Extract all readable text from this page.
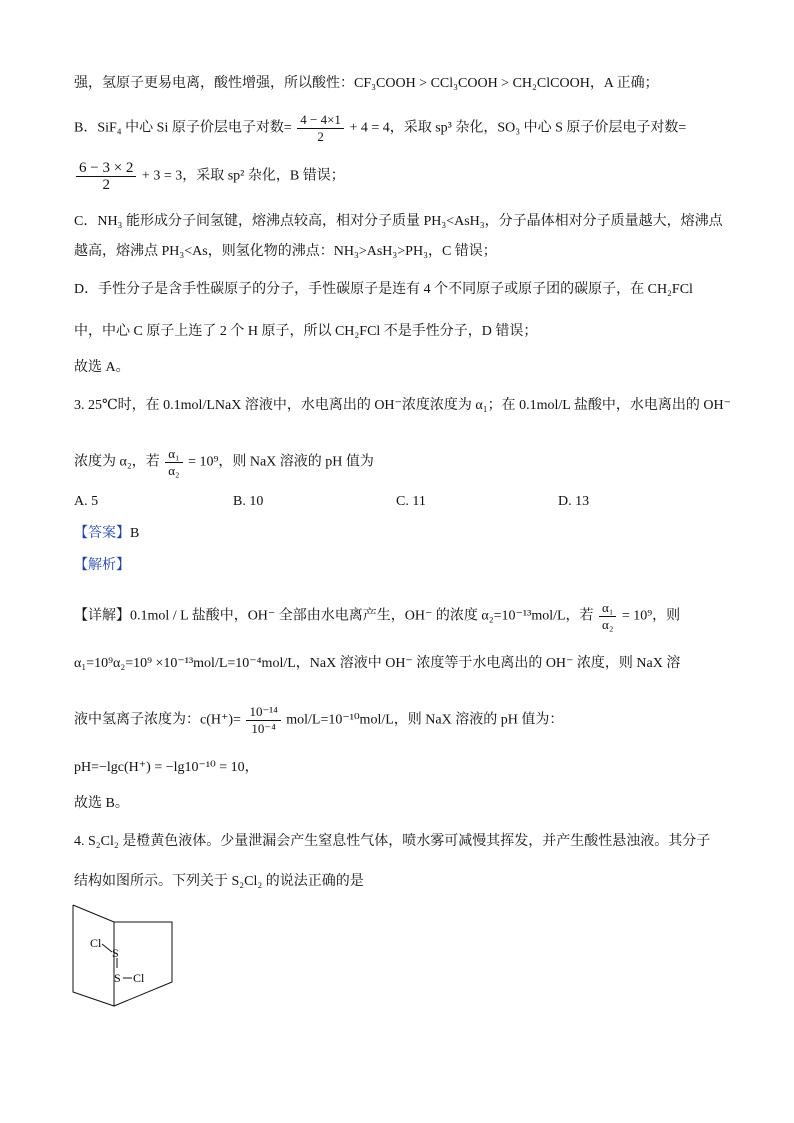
强，氢原子更易电离，酸性增强，所以酸性：CF₃COOH > CCl₃COOH > CH₂ClCOOH，A 正确；
B．SiF₄ 中心 Si 原子价层电子对数= $\frac{4 - 4\times 1}{2} + 4 = 4$，采取 sp³ 杂化，SO₃ 中心 S 原子价层电子对数=
$\frac{6 - 3 \times 2}{2} + 3 = 3$，采取 sp² 杂化，B 错误；
C．NH₃ 能形成分子间氢键，熔沸点较高，相对分子质量 PH₃<AsH₃，分子晶体相对分子质量越大，熔沸点
越高，熔沸点 PH₃<As，则氢化物的沸点：NH₃>AsH₃>PH₃，C 错误；
D．手性分子是含手性碳原子的分子，手性碳原子是连有 4 个不同原子或原子团的碳原子，在 CH₂FCl
中，中心 C 原子上连了 2 个 H 原子，所以 CH₂FCl 不是手性分子，D 错误；
故选 A。
3. 25℃时，在 0.1mol/LNaX 溶液中，水电离出的 OH⁻浓度浓度为 α₁；在 0.1mol/L 盐酸中，水电离出的 OH⁻
浓度为 α₂，若 $\frac{\text{α₁}}{\text{α₂}} = 10^9$，则 NaX 溶液的 pH 值为
A. 5	B. 10	C. 11	D. 13
【答案】B
【解析】
【详解】0.1mol / L 盐酸中，OH⁻ 全部由水电离产生，OH⁻ 的浓度 α₂=10⁻¹³mol/L，若 $\frac{\text{α₁}}{\text{α₂}} = 10^9$，则
α₁=10⁹α₂=10⁹ ×10⁻¹³mol/L=10⁻⁴mol/L，NaX 溶液中 OH⁻ 浓度等于水电离出的 OH⁻ 浓度，则 NaX 溶
液中氢离子浓度为：$c(H^+)= \frac{\text{10⁻¹⁴}}{\text{10⁻⁴}} mol/L=10^{-10}mol/L$，则 NaX 溶液的 pH 值为：
pH=−lgc(H⁺) = −lg10⁻¹⁰ = 10，
故选 B。
4. S₂Cl₂ 是橙黄色液体。少量泄漏会产生窒息性气体，喷水雾可减慢其挥发，并产生酸性悬浊液。其分子
结构如图所示。下列关于 S₂Cl₂ 的说法正确的是
Cl
S
S Cl
